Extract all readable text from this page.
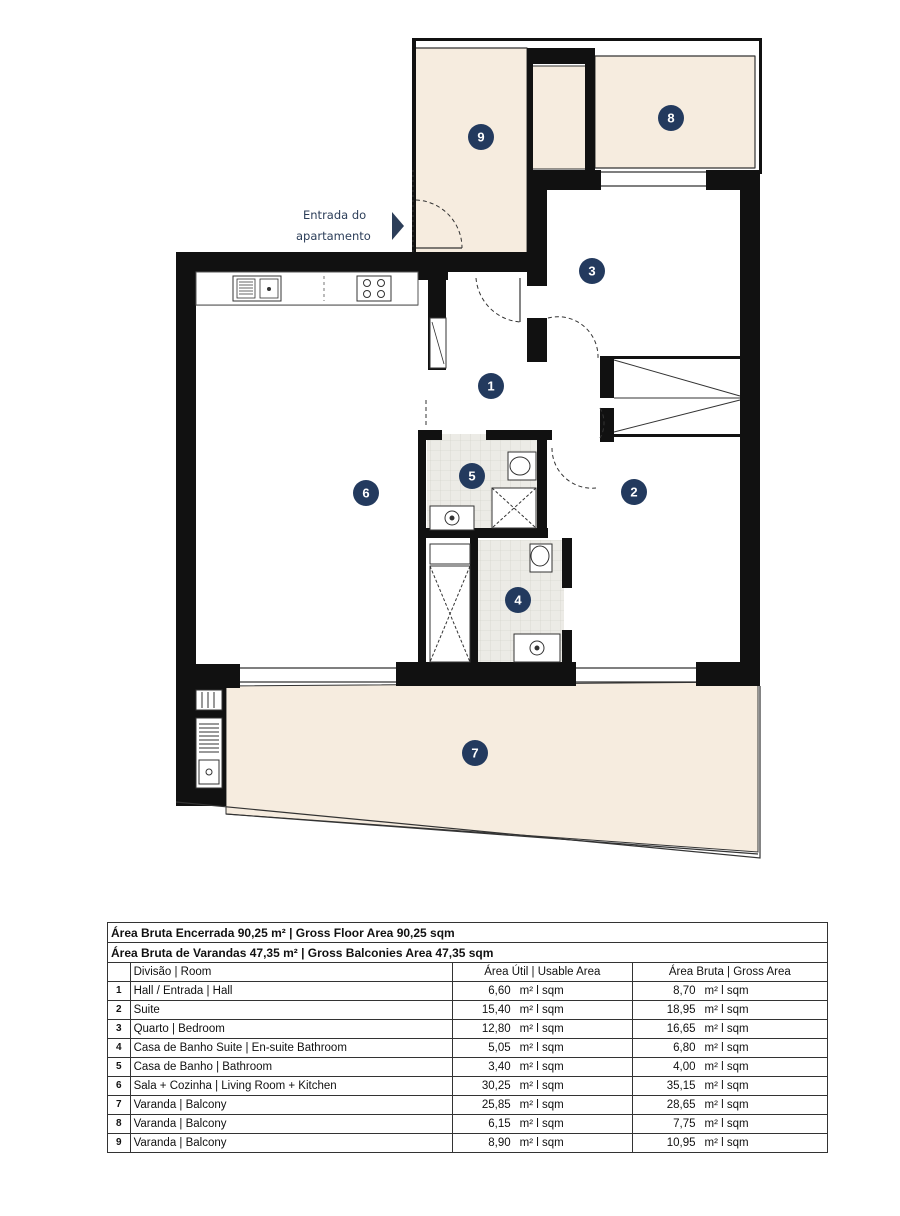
Entrada do
apartamento
1
2
3
4
5
6
7
8
9
Área Bruta Encerrada 90,25 m² | Gross Floor Area 90,25 sqm					
Área Bruta de Varandas 47,35 m² | Gross Balconies Area 47,35 sqm					
	Divisão | Room	Área Útil | Usable Area		Área Bruta | Gross Area	
1	Hall / Entrada | Hall	6,60	m² l sqm	8,70	m² l sqm
2	Suite	15,40	m² l sqm	18,95	m² l sqm
3	Quarto | Bedroom	12,80	m² l sqm	16,65	m² l sqm
4	Casa de Banho Suite | En-suite Bathroom	5,05	m² l sqm	6,80	m² l sqm
5	Casa de Banho | Bathroom	3,40	m² l sqm	4,00	m² l sqm
6	Sala + Cozinha | Living Room + Kitchen	30,25	m² l sqm	35,15	m² l sqm
7	Varanda | Balcony	25,85	m² l sqm	28,65	m² l sqm
8	Varanda | Balcony	6,15	m² l sqm	7,75	m² l sqm
9	Varanda | Balcony	8,90	m² l sqm	10,95	m² l sqm
